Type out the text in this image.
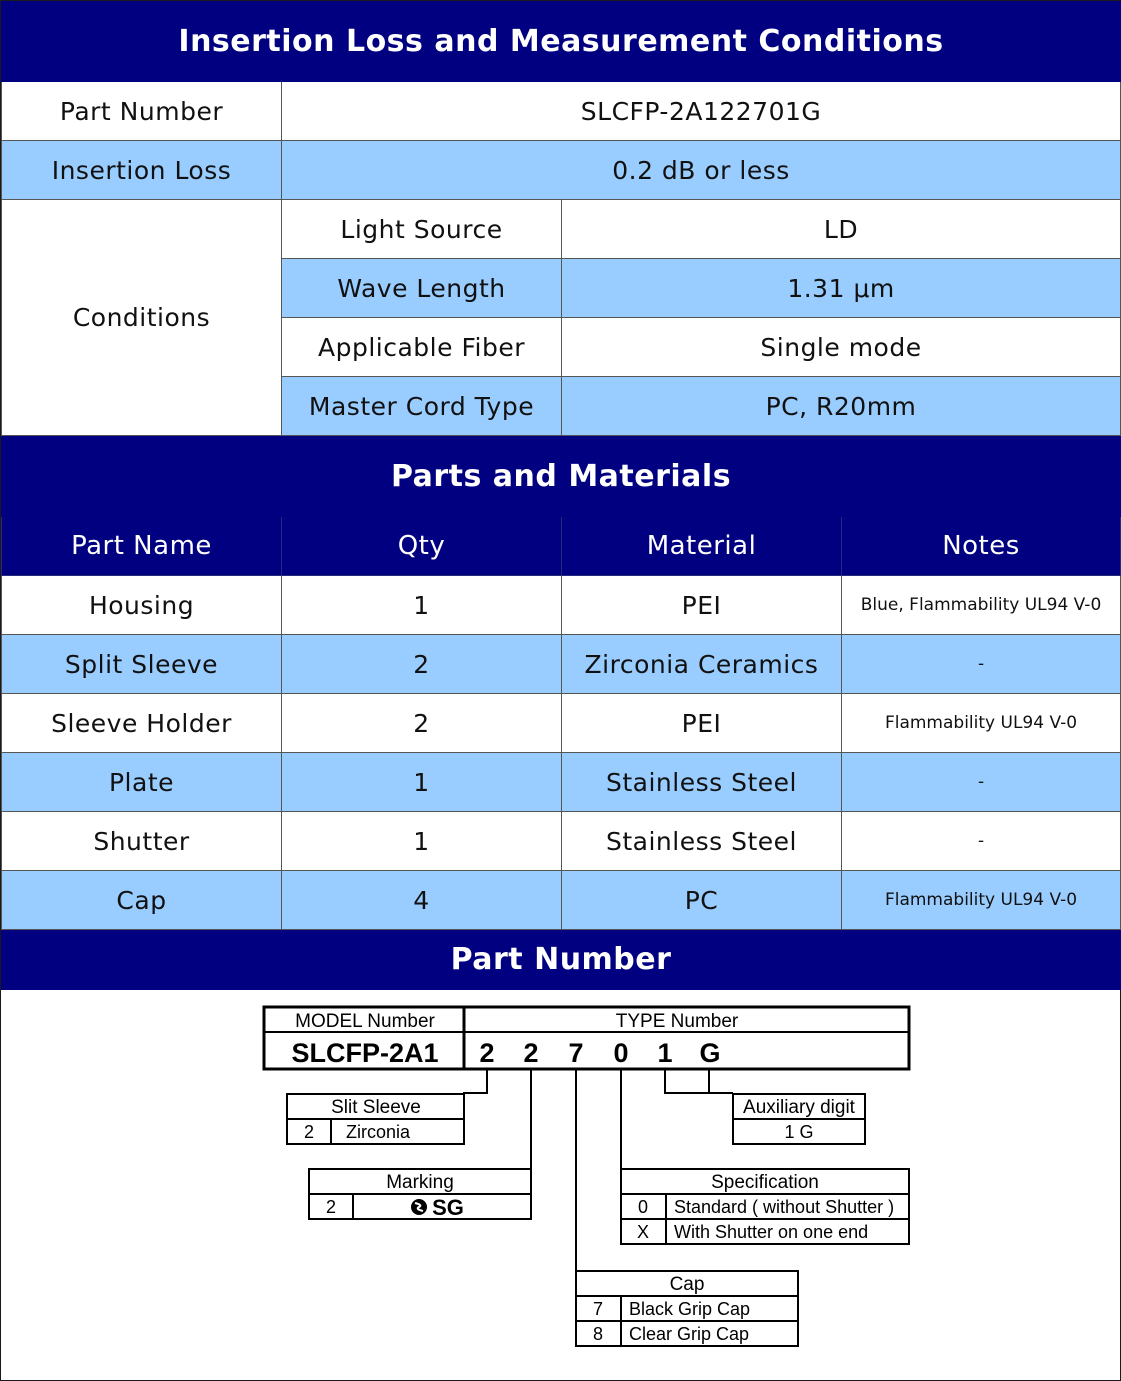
Insertion Loss and Measurement Conditions		
Part Number	SLCFP-2A122701G	
Insertion Loss	0.2 dB or less	
Conditions	Light Source	LD
	Wave Length	1.31 μm
	Applicable Fiber	Single mode
	Master Cord Type	PC, R20mm
Parts and Materials			
Part Name	Qty	Material	Notes
Housing	1	PEI	Blue, Flammability UL94 V-0
Split Sleeve	2	Zirconia Ceramics	-
Sleeve Holder	2	PEI	Flammability UL94 V-0
Plate	1	Stainless Steel	-
Shutter	1	Stainless Steel	-
Cap	4	PC	Flammability UL94 V-0
Part Number			
MODEL Number
SLCFP-2A1
TYPE Number
2 2 7 0 1 G
Slit Sleeve
2 Zirconia
Marking
2	SG
Auxiliary digit
1 G
Specification
0 Standard ( without Shutter )
X With Shutter on one end
Cap
7 Black Grip Cap
8 Clear Grip Cap
